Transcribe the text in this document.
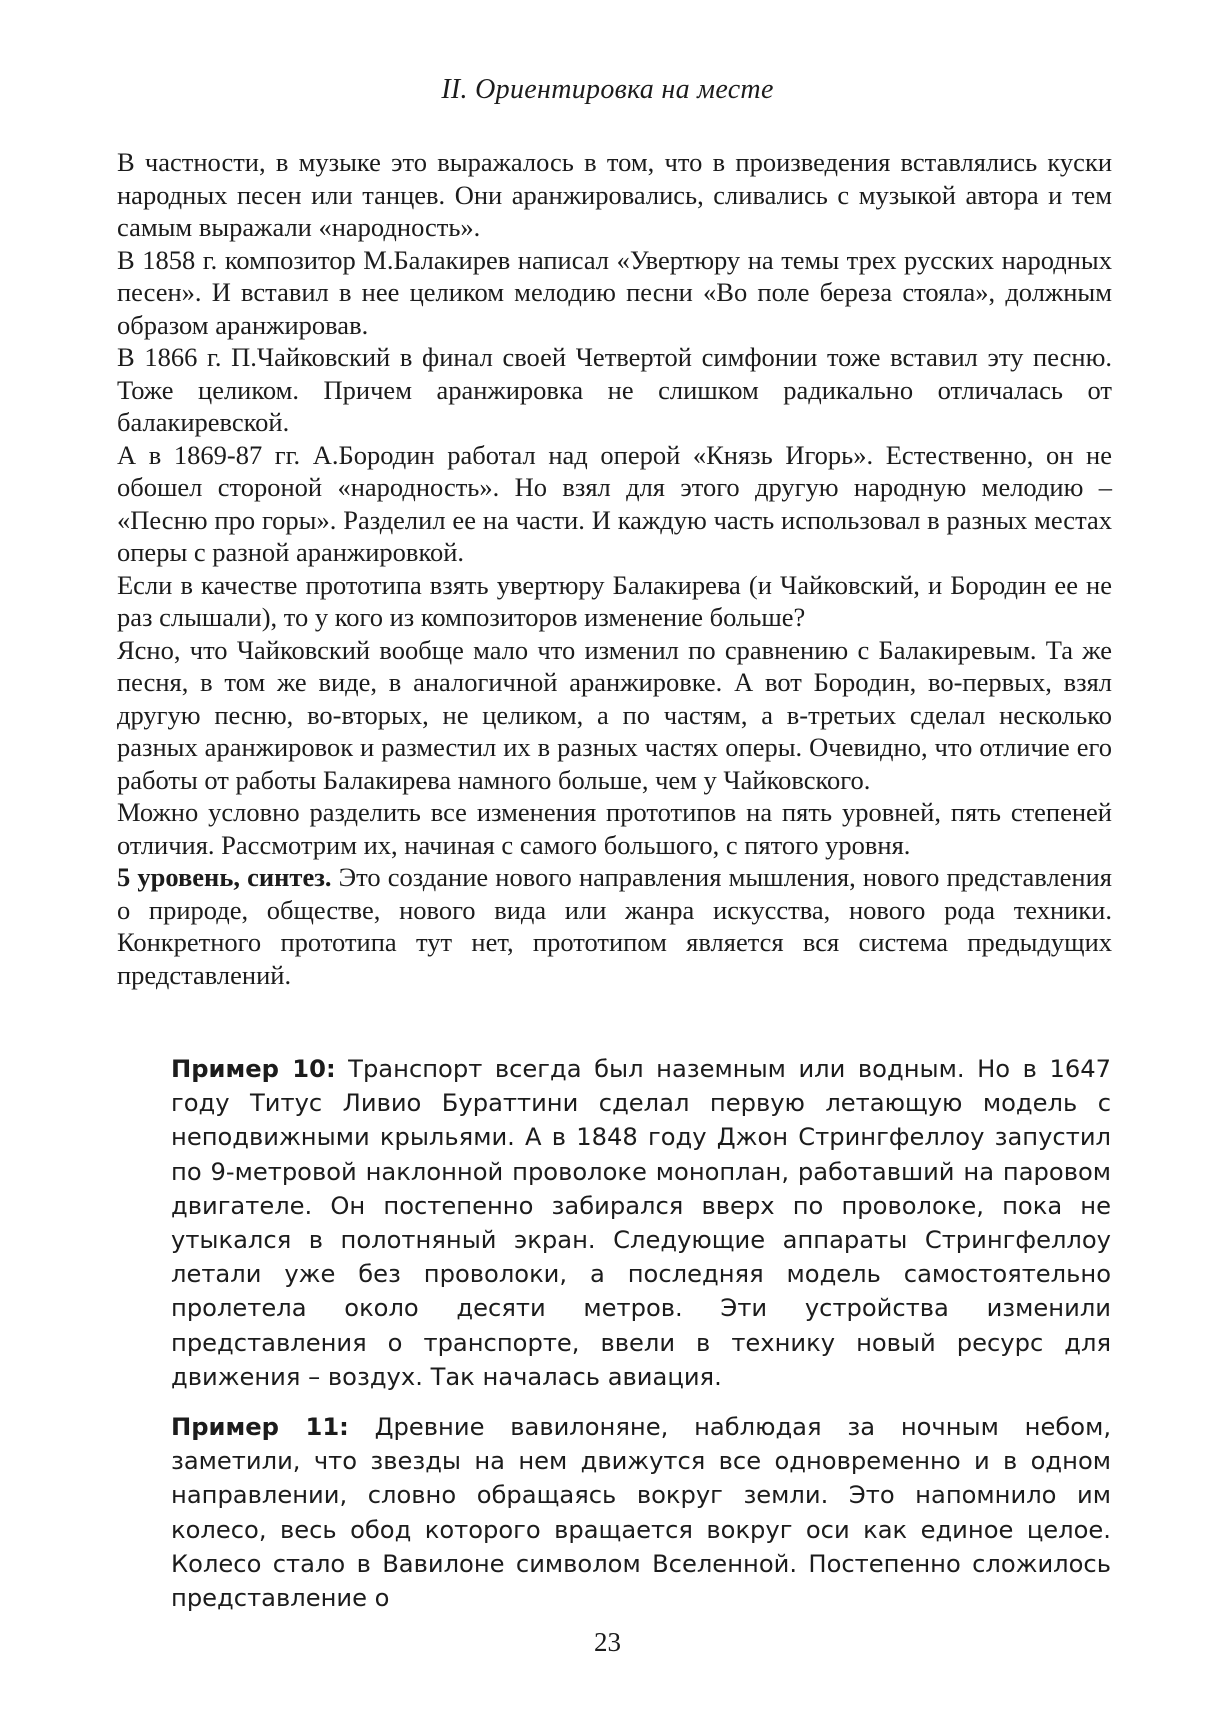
II. Ориентировка на месте

В частности, в музыке это выражалось в том, что в произведения вставлялись куски народных песен или танцев. Они аранжировались, сливались с музыкой автора и тем самым выражали «народность».

В 1858 г. композитор М.Балакирев написал «Увертюру на темы трех русских народных песен». И вставил в нее целиком мелодию песни «Во поле береза стояла», должным образом аранжировав.

В 1866 г. П.Чайковский в финал своей Четвертой симфонии тоже вставил эту песню. Тоже целиком. Причем аранжировка не слишком радикально отличалась от балакиревской.

А в 1869-87 гг. А.Бородин работал над оперой «Князь Игорь». Естественно, он не обошел стороной «народность». Но взял для этого другую народную мелодию – «Песню про горы». Разделил ее на части. И каждую часть использовал в разных местах оперы с разной аранжировкой.

Если в качестве прототипа взять увертюру Балакирева (и Чайковский, и Бородин ее не раз слышали), то у кого из композиторов изменение больше?

Ясно, что Чайковский вообще мало что изменил по сравнению с Балакиревым. Та же песня, в том же виде, в аналогичной аранжировке. А вот Бородин, во-первых, взял другую песню, во-вторых, не целиком, а по частям, а в-третьих сделал несколько разных аранжировок и разместил их в разных частях оперы. Очевидно, что отличие его работы от работы Балакирева намного больше, чем у Чайковского.

Можно условно разделить все изменения прототипов на пять уровней, пять степеней отличия. Рассмотрим их, начиная с самого большого, с пятого уровня.

5 уровень, синтез. Это создание нового направления мышления, нового представления о природе, обществе, нового вида или жанра искусства, нового рода техники. Конкретного прототипа тут нет, прототипом является вся система предыдущих представлений.

Пример 10: Транспорт всегда был наземным или водным. Но в 1647 году Титус Ливио Бураттини сделал первую летающую модель с неподвижными крыльями. А в 1848 году Джон Стрингфеллоу запустил по 9-метровой наклонной проволоке моноплан, работавший на паровом двигателе. Он постепенно забирался вверх по проволоке, пока не утыкался в полотняный экран. Следующие аппараты Стрингфеллоу летали уже без проволоки, а последняя модель самостоятельно пролетела около десяти метров. Эти устройства изменили представления о транспорте, ввели в технику новый ресурс для движения – воздух. Так началась авиация.

Пример 11: Древние вавилоняне, наблюдая за ночным небом, заметили, что звезды на нем движутся все одновременно и в одном направлении, словно обращаясь вокруг земли. Это напомнило им колесо, весь обод которого вращается вокруг оси как единое целое. Колесо стало в Вавилоне символом Вселенной. Постепенно сложилось представление о

23
